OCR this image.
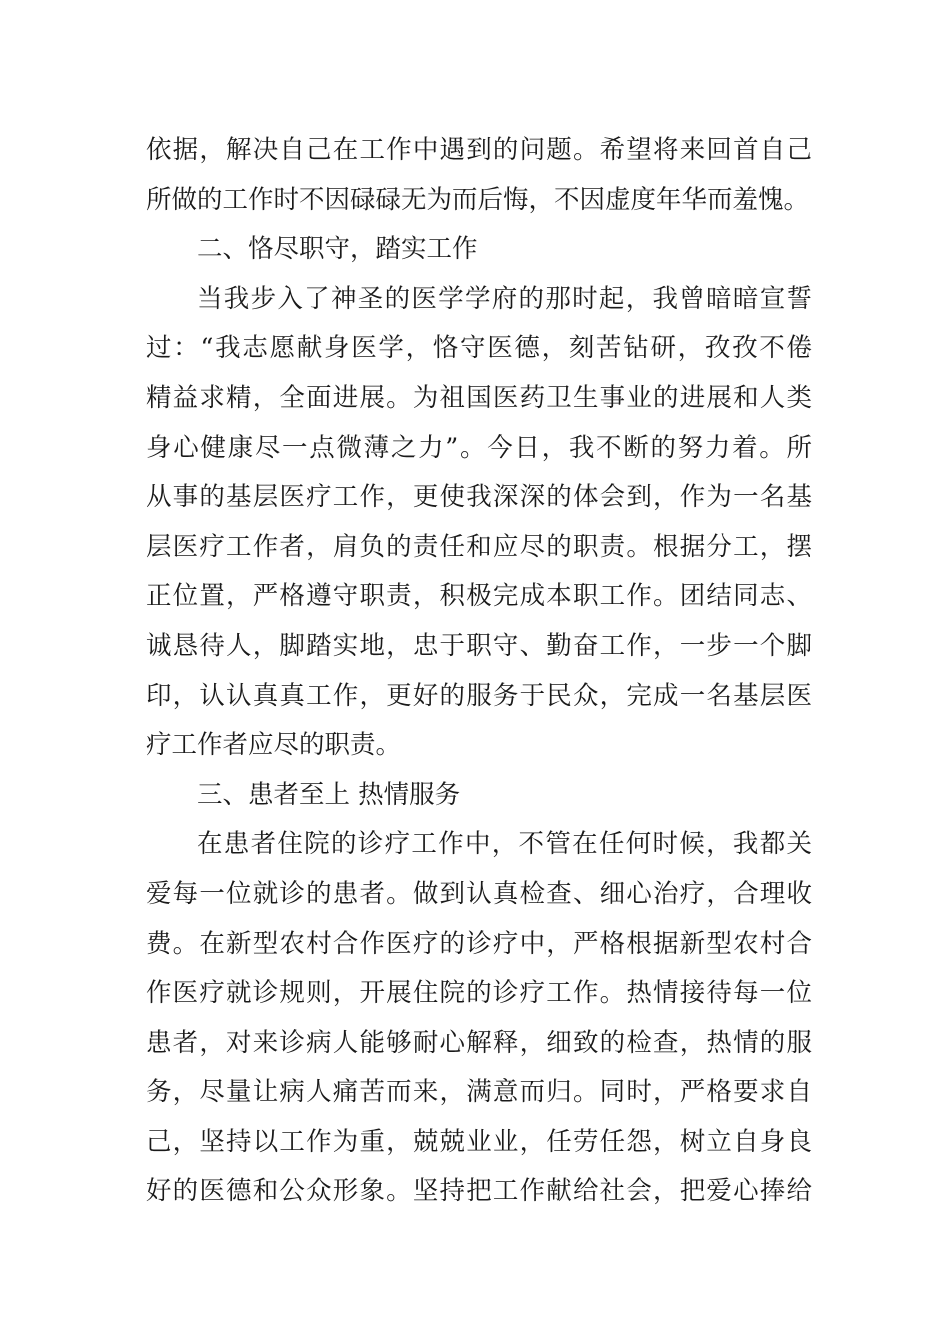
依据，解决自己在工作中遇到的问题。希望将来回首自己
所做的工作时不因碌碌无为而后悔，不因虚度年华而羞愧。
二、恪尽职守，踏实工作
当我步入了神圣的医学学府的那时起，我曾暗暗宣誓
过：“我志愿献身医学，恪守医德，刻苦钻研，孜孜不倦
精益求精，全面进展。为祖国医药卫生事业的进展和人类
身心健康尽一点微薄之力”。今日，我不断的努力着。所
从事的基层医疗工作，更使我深深的体会到，作为一名基
层医疗工作者，肩负的责任和应尽的职责。根据分工，摆
正位置，严格遵守职责，积极完成本职工作。团结同志、
诚恳待人，脚踏实地，忠于职守、勤奋工作，一步一个脚
印，认认真真工作，更好的服务于民众，完成一名基层医
疗工作者应尽的职责。
三、患者至上 热情服务
在患者住院的诊疗工作中，不管在任何时候，我都关
爱每一位就诊的患者。做到认真检查、细心治疗，合理收
费。在新型农村合作医疗的诊疗中，严格根据新型农村合
作医疗就诊规则，开展住院的诊疗工作。热情接待每一位
患者，对来诊病人能够耐心解释，细致的检查，热情的服
务，尽量让病人痛苦而来，满意而归。同时，严格要求自
己，坚持以工作为重，兢兢业业，任劳任怨，树立自身良
好的医德和公众形象。坚持把工作献给社会，把爱心捧给
